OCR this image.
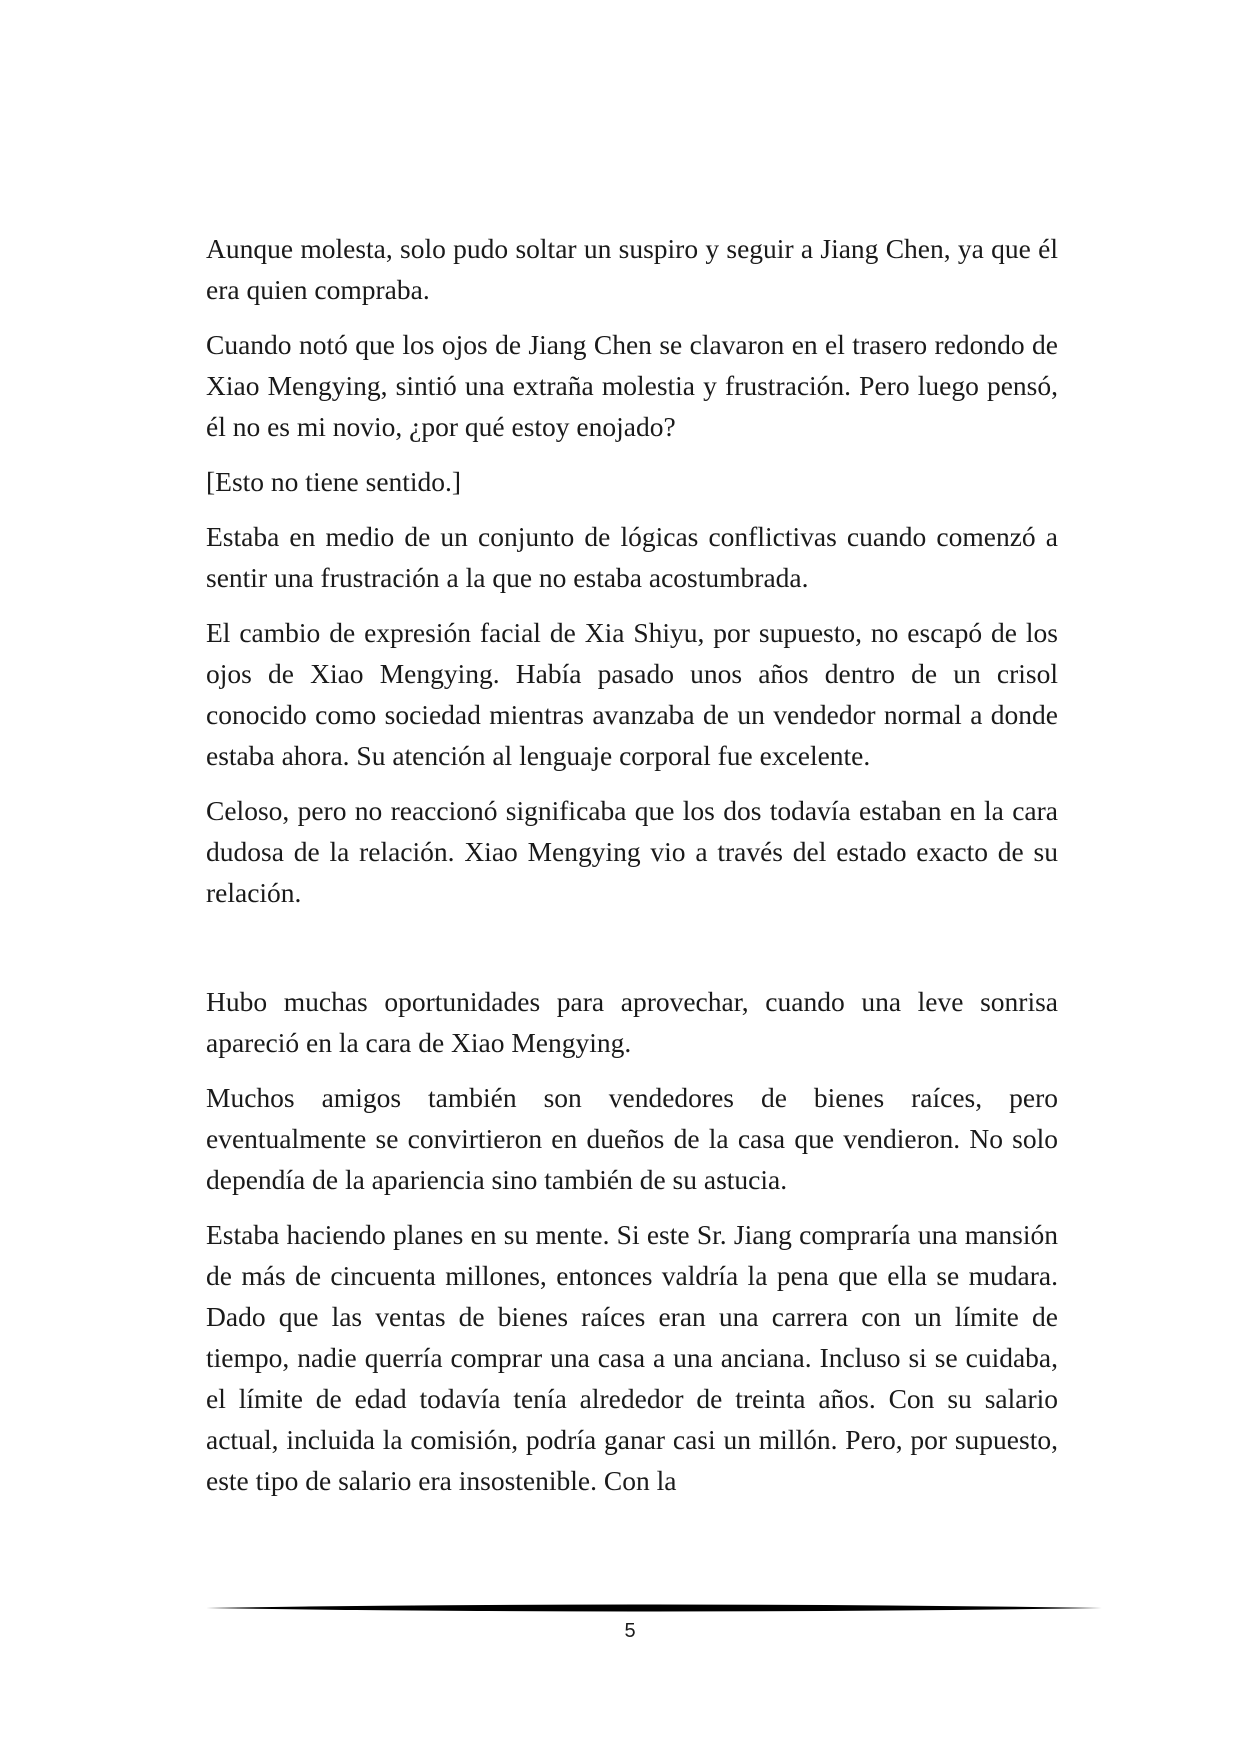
Aunque molesta, solo pudo soltar un suspiro y seguir a Jiang Chen, ya que él era quien compraba.

Cuando notó que los ojos de Jiang Chen se clavaron en el trasero redondo de Xiao Mengying, sintió una extraña molestia y frustración. Pero luego pensó, él no es mi novio, ¿por qué estoy enojado?

[Esto no tiene sentido.]

Estaba en medio de un conjunto de lógicas conflictivas cuando comenzó a sentir una frustración a la que no estaba acostumbrada.

El cambio de expresión facial de Xia Shiyu, por supuesto, no escapó de los ojos de Xiao Mengying. Había pasado unos años dentro de un crisol conocido como sociedad mientras avanzaba de un vendedor normal a donde estaba ahora. Su atención al lenguaje corporal fue excelente.

Celoso, pero no reaccionó significaba que los dos todavía estaban en la cara dudosa de la relación. Xiao Mengying vio a través del estado exacto de su relación.

Hubo muchas oportunidades para aprovechar, cuando una leve sonrisa apareció en la cara de Xiao Mengying.

Muchos amigos también son vendedores de bienes raíces, pero eventualmente se convirtieron en dueños de la casa que vendieron. No solo dependía de la apariencia sino también de su astucia.

Estaba haciendo planes en su mente. Si este Sr. Jiang compraría una mansión de más de cincuenta millones, entonces valdría la pena que ella se mudara. Dado que las ventas de bienes raíces eran una carrera con un límite de tiempo, nadie querría comprar una casa a una anciana. Incluso si se cuidaba, el límite de edad todavía tenía alrededor de treinta años. Con su salario actual, incluida la comisión, podría ganar casi un millón. Pero, por supuesto, este tipo de salario era insostenible. Con la

5
